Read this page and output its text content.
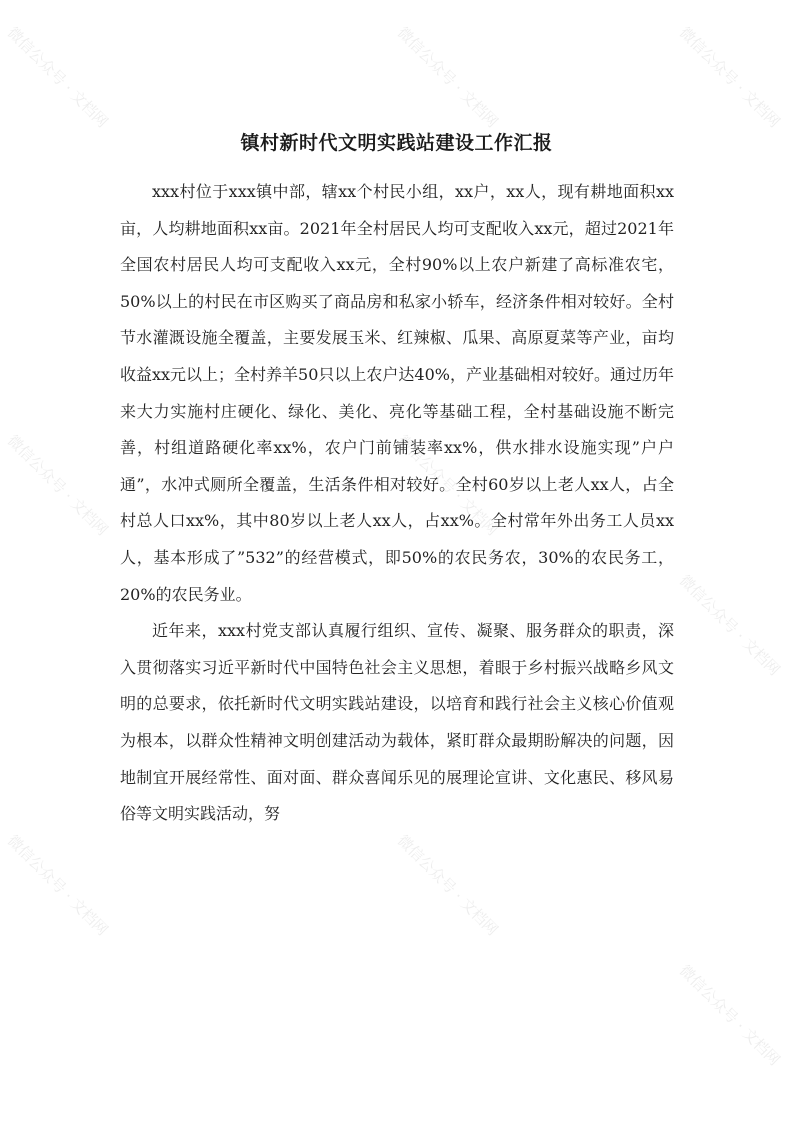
微信公众号 · 文档网	微信公众号 · 文档网	微信公众号 · 文档网
微信公众号 · 文档网	微信公众号 · 文档网
微信公众号 · 文档网
微信公众号 · 文档网	微信公众号 · 文档网
微信公众号 · 文档网
镇村新时代文明实践站建设工作汇报

xxx村位于xxx镇中部，辖xx个村民小组，xx户，xx人，现有耕地面积xx亩，人均耕地面积xx亩。2021年全村居民人均可支配收入xx元，超过2021年全国农村居民人均可支配收入xx元，全村90%以上农户新建了高标准农宅，50%以上的村民在市区购买了商品房和私家小轿车，经济条件相对较好。全村节水灌溉设施全覆盖，主要发展玉米、红辣椒、瓜果、高原夏菜等产业，亩均收益xx元以上；全村养羊50只以上农户达40%，产业基础相对较好。通过历年来大力实施村庄硬化、绿化、美化、亮化等基础工程，全村基础设施不断完善，村组道路硬化率xx%，农户门前铺装率xx%，供水排水设施实现”户户通”，水冲式厕所全覆盖，生活条件相对较好。全村60岁以上老人xx人，占全村总人口xx%，其中80岁以上老人xx人，占xx%。全村常年外出务工人员xx人，基本形成了”532”的经营模式，即50%的农民务农，30%的农民务工，20%的农民务业。

近年来，xxx村党支部认真履行组织、宣传、凝聚、服务群众的职责，深入贯彻落实习近平新时代中国特色社会主义思想，着眼于乡村振兴战略乡风文明的总要求，依托新时代文明实践站建设，以培育和践行社会主义核心价值观为根本，以群众性精神文明创建活动为载体，紧盯群众最期盼解决的问题，因地制宜开展经常性、面对面、群众喜闻乐见的展理论宣讲、文化惠民、移风易俗等文明实践活动，努
